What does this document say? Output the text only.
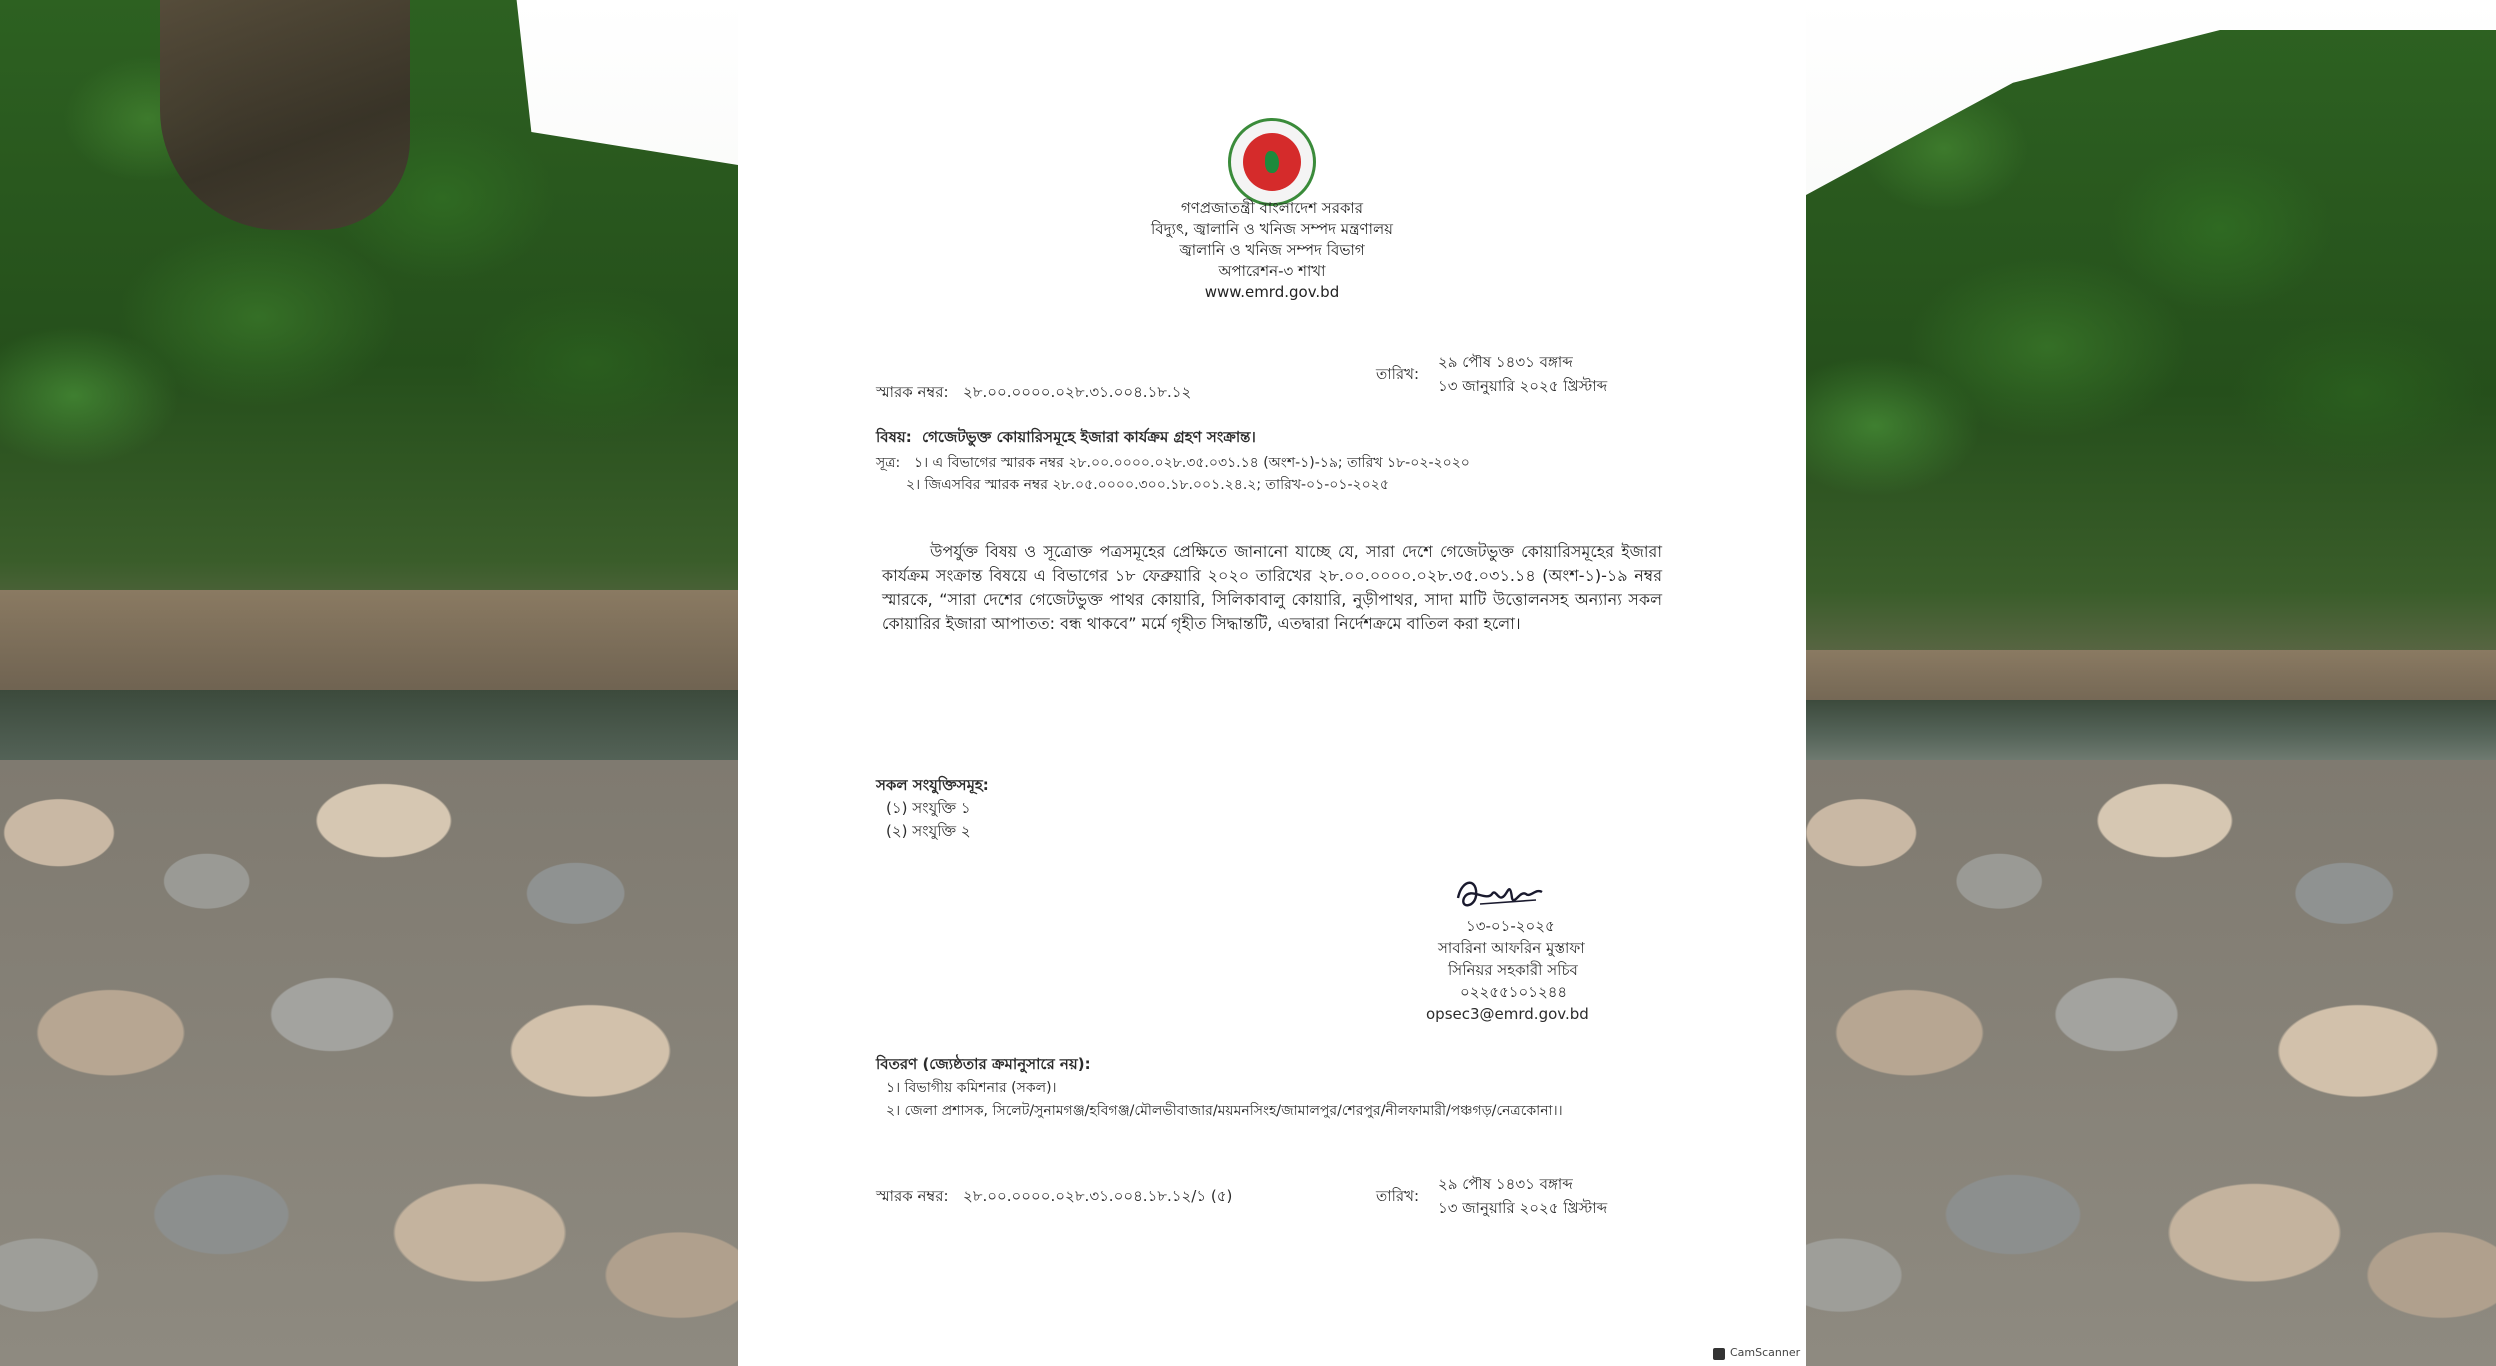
গণপ্রজাতন্ত্রী বাংলাদেশ সরকার
বিদ্যুৎ, জ্বালানি ও খনিজ সম্পদ মন্ত্রণালয়
জ্বালানি ও খনিজ সম্পদ বিভাগ
অপারেশন-৩ শাখা
www.emrd.gov.bd
২৯ পৌষ ১৪৩১ বঙ্গাব্দ
১৩ জানুয়ারি ২০২৫ খ্রিস্টাব্দ
তারিখ:
স্মারক নম্বর: ২৮.০০.০০০০.০২৮.৩১.০০৪.১৮.১২
বিষয়: গেজেটভুক্ত কোয়ারিসমূহে ইজারা কার্যক্রম গ্রহণ সংক্রান্ত।
সূত্র: ১। এ বিভাগের স্মারক নম্বর ২৮.০০.০০০০.০২৮.৩৫.০৩১.১৪ (অংশ-১)-১৯; তারিখ ১৮-০২-২০২০
২। জিএসবির স্মারক নম্বর ২৮.০৫.০০০০.৩০০.১৮.০০১.২৪.২; তারিখ-০১-০১-২০২৫
উপর্যুক্ত বিষয় ও সূত্রোক্ত পত্রসমূহের প্রেক্ষিতে জানানো যাচ্ছে যে, সারা দেশে গেজেটভুক্ত কোয়ারিসমূহের ইজারা কার্যক্রম সংক্রান্ত বিষয়ে এ বিভাগের ১৮ ফেব্রুয়ারি ২০২০ তারিখের ২৮.০০.০০০০.০২৮.৩৫.০৩১.১৪ (অংশ-১)-১৯ নম্বর স্মারকে, “সারা দেশের গেজেটভুক্ত পাথর কোয়ারি, সিলিকাবালু কোয়ারি, নুড়ীপাথর, সাদা মাটি উত্তোলনসহ অন্যান্য সকল কোয়ারির ইজারা আপাতত: বন্ধ থাকবে” মর্মে গৃহীত সিদ্ধান্তটি, এতদ্বারা নির্দেশক্রমে বাতিল করা হলো।
সকল সংযুক্তিসমূহ:
(১) সংযুক্তি ১
(২) সংযুক্তি ২
১৩-০১-২০২৫
সাবরিনা আফরিন মুস্তাফা
সিনিয়র সহকারী সচিব
০২২৫৫১০১২৪৪
opsec3@emrd.gov.bd
বিতরণ (জ্যেষ্ঠতার ক্রমানুসারে নয়):
১। বিভাগীয় কমিশনার (সকল)।
২। জেলা প্রশাসক, সিলেট/সুনামগঞ্জ/হবিগঞ্জ/মৌলভীবাজার/ময়মনসিংহ/জামালপুর/শেরপুর/নীলফামারী/পঞ্চগড়/নেত্রকোনা।।
২৯ পৌষ ১৪৩১ বঙ্গাব্দ
১৩ জানুয়ারি ২০২৫ খ্রিস্টাব্দ
তারিখ:
স্মারক নম্বর: ২৮.০০.০০০০.০২৮.৩১.০০৪.১৮.১২/১ (৫)
CamScanner
